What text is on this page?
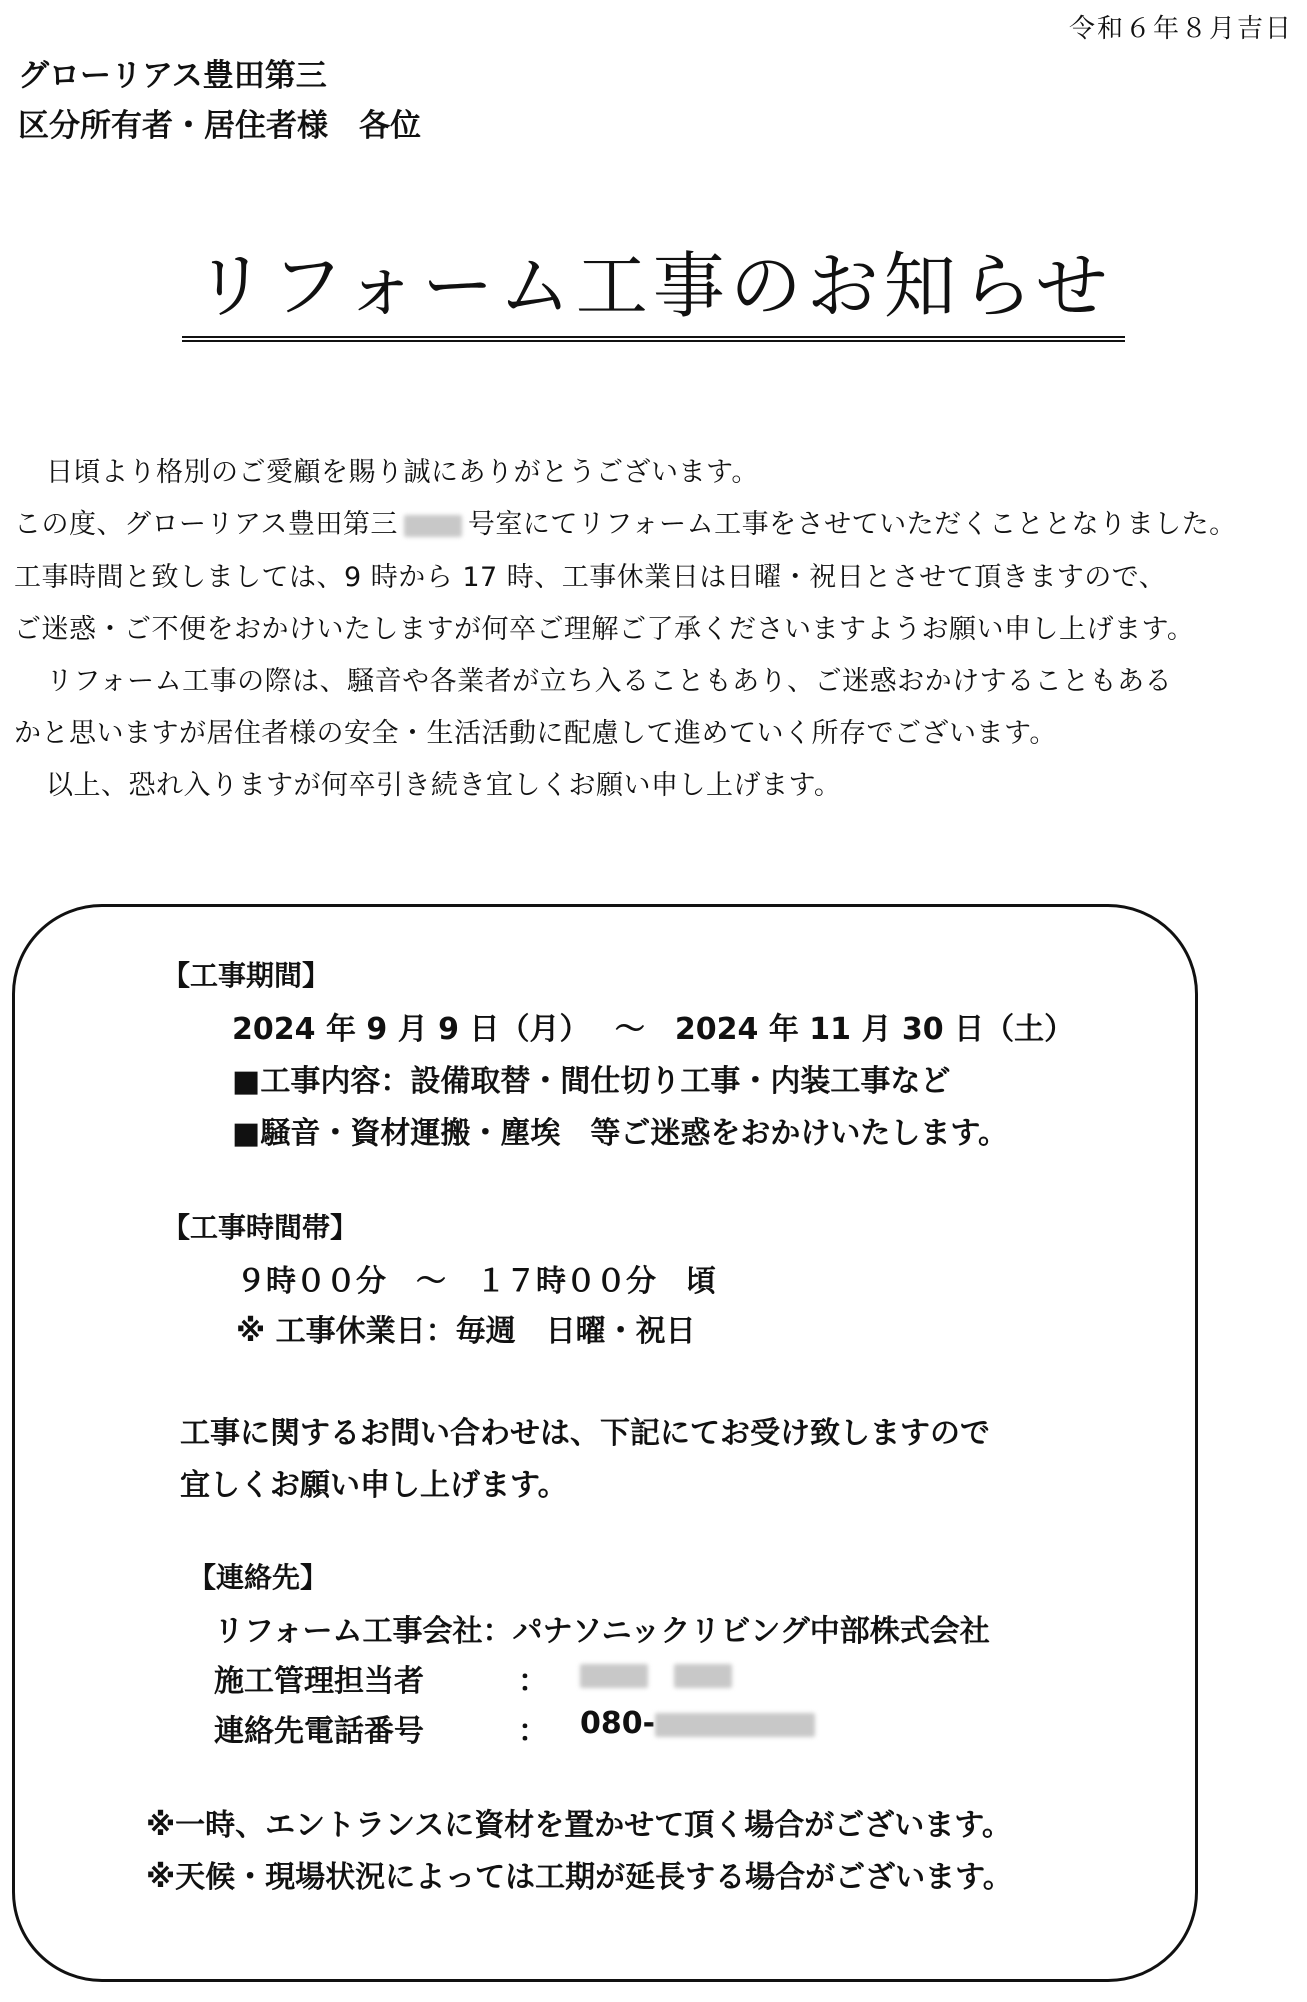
令和６年８月吉日
グローリアス豊田第三
区分所有者・居住者様　各位
リフォーム工事のお知らせ
日頃より格別のご愛顧を賜り誠にありがとうございます。
この度、グローリアス豊田第三	号室にてリフォーム工事をさせていただくこととなりました。
工事時間と致しましては、9 時から 17 時、工事休業日は日曜・祝日とさせて頂きますので、
ご迷惑・ご不便をおかけいたしますが何卒ご理解ご了承くださいますようお願い申し上げます。
リフォーム工事の際は、騒音や各業者が立ち入ることもあり、ご迷惑おかけすることもある
かと思いますが居住者様の安全・生活活動に配慮して進めていく所存でございます。
以上、恐れ入りますが何卒引き続き宜しくお願い申し上げます。
【工事期間】
2024 年 9 月 9 日（月）　 ～　2024 年 11 月 30 日（土）
■工事内容：設備取替・間仕切り工事・内装工事など
■騒音・資材運搬・塵埃　等ご迷惑をおかけいたします。
【工事時間帯】
９時００分　～　１７時００分　頃
※ 工事休業日：毎週　日曜・祝日
工事に関するお問い合わせは、下記にてお受け致しますので
宜しくお願い申し上げます。
【連絡先】
リフォーム工事会社：パナソニックリビング中部株式会社
施工管理担当者	：
連絡先電話番号	： 080-
※一時、エントランスに資材を置かせて頂く場合がございます。
※天候・現場状況によっては工期が延長する場合がございます。
